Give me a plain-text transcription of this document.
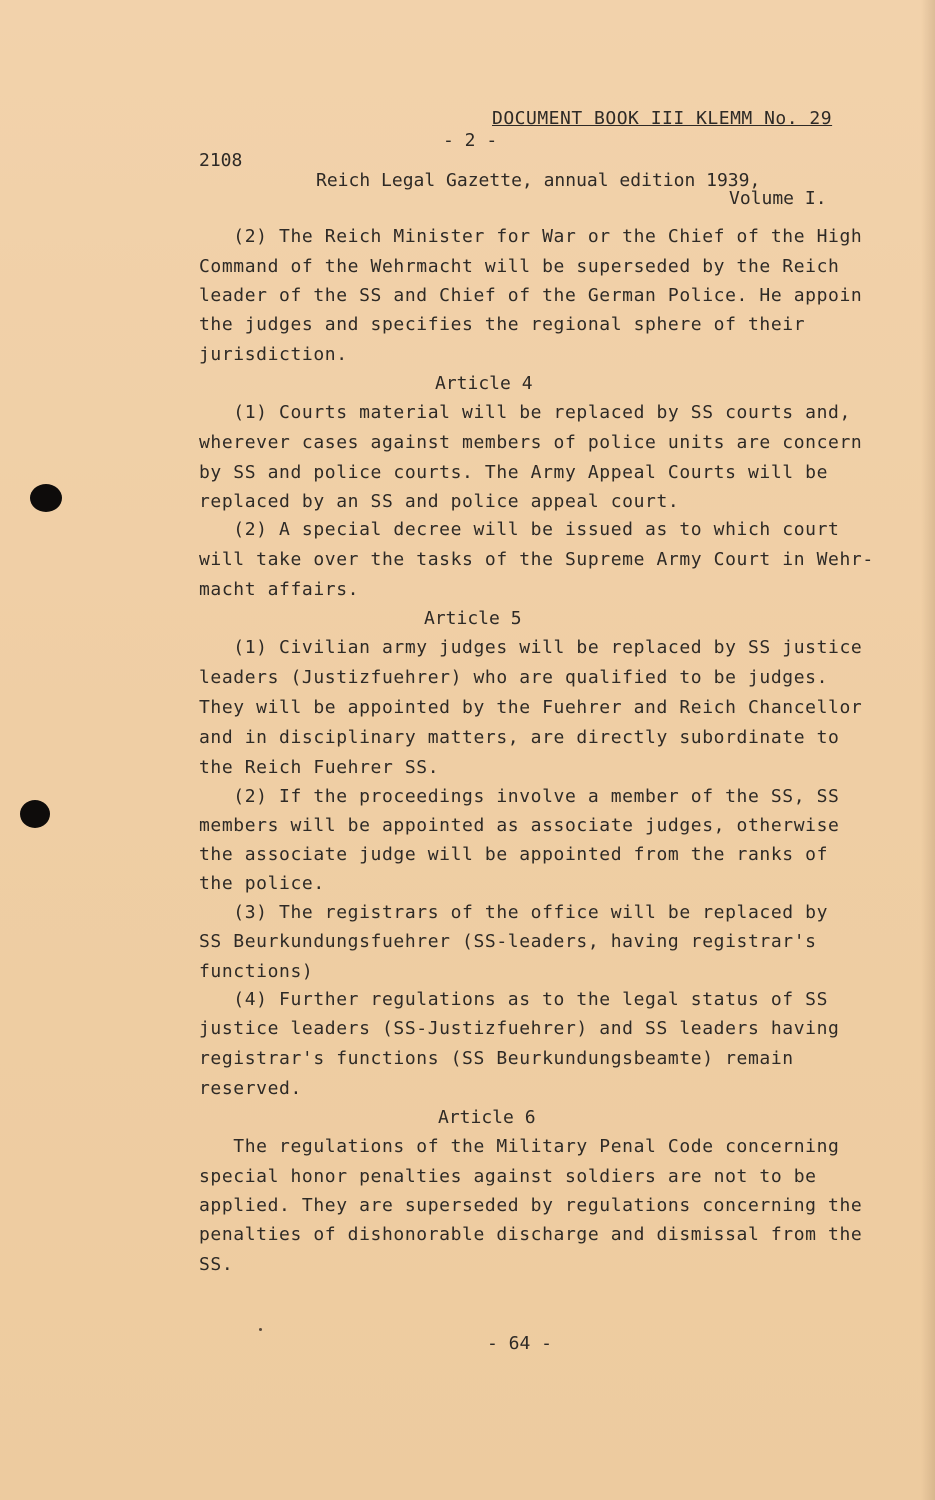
DOCUMENT BOOK III KLEMM No. 29
- 2 -
2108
Reich Legal Gazette, annual edition 1939,
Volume I.
(2) The Reich Minister for War or the Chief of the High
Command of the Wehrmacht will be superseded by the Reich
leader of the SS and Chief of the German Police. He appoin
the judges and specifies the regional sphere of their
jurisdiction.
Article 4
(1) Courts material will be replaced by SS courts and,
wherever cases against members of police units are concern
by SS and police courts. The Army Appeal Courts will be
replaced by an SS and police appeal court.
(2) A special decree will be issued as to which court
will take over the tasks of the Supreme Army Court in Wehr-
macht affairs.
Article 5
(1) Civilian army judges will be replaced by SS justice
leaders (Justizfuehrer) who are qualified to be judges.
They will be appointed by the Fuehrer and Reich Chancellor
and in disciplinary matters, are directly subordinate to
the Reich Fuehrer SS.
(2) If the proceedings involve a member of the SS, SS
members will be appointed as associate judges, otherwise
the associate judge will be appointed from the ranks of
the police.
(3) The registrars of the office will be replaced by
SS Beurkundungsfuehrer (SS-leaders, having registrar's
functions)
(4) Further regulations as to the legal status of SS
justice leaders (SS-Justizfuehrer) and SS leaders having
registrar's functions (SS Beurkundungsbeamte) remain
reserved.
Article 6
The regulations of the Military Penal Code concerning
special honor penalties against soldiers are not to be
applied. They are superseded by regulations concerning the
penalties of dishonorable discharge and dismissal from the
SS.
- 64 -
